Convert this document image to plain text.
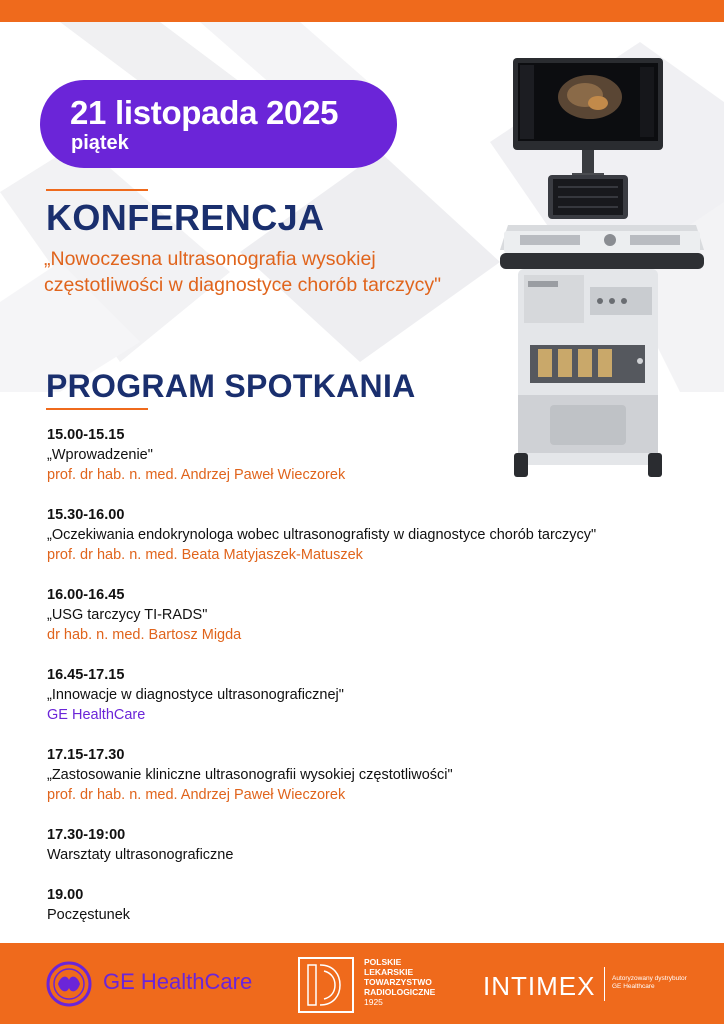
21 listopada 2025
piątek
KONFERENCJA
„Nowoczesna ultrasonografia wysokiej częstotliwości w diagnostyce chorób tarczycy"
PROGRAM SPOTKANIA
15.00-15.15
„Wprowadzenie"
prof. dr hab. n. med. Andrzej Paweł Wieczorek
15.30-16.00
„Oczekiwania endokrynologa wobec ultrasonografisty w diagnostyce chorób tarczycy"
prof. dr hab. n. med. Beata Matyjaszek-Matuszek
16.00-16.45
„USG tarczycy TI-RADS"
dr hab. n. med. Bartosz Migda
16.45-17.15
„Innowacje w diagnostyce ultrasonograficznej"
GE HealthCare
17.15-17.30
„Zastosowanie kliniczne ultrasonografii wysokiej częstotliwości"
prof. dr hab. n. med. Andrzej Paweł Wieczorek
17.30-19:00
Warsztaty ultrasonograficzne
19.00
Poczęstunek
GE HealthCare
POLSKIE
LEKARSKIE
TOWARZYSTWO
RADIOLOGICZNE
1925
INTIMEX	Autoryzowany dystrybutor
GE Healthcare
